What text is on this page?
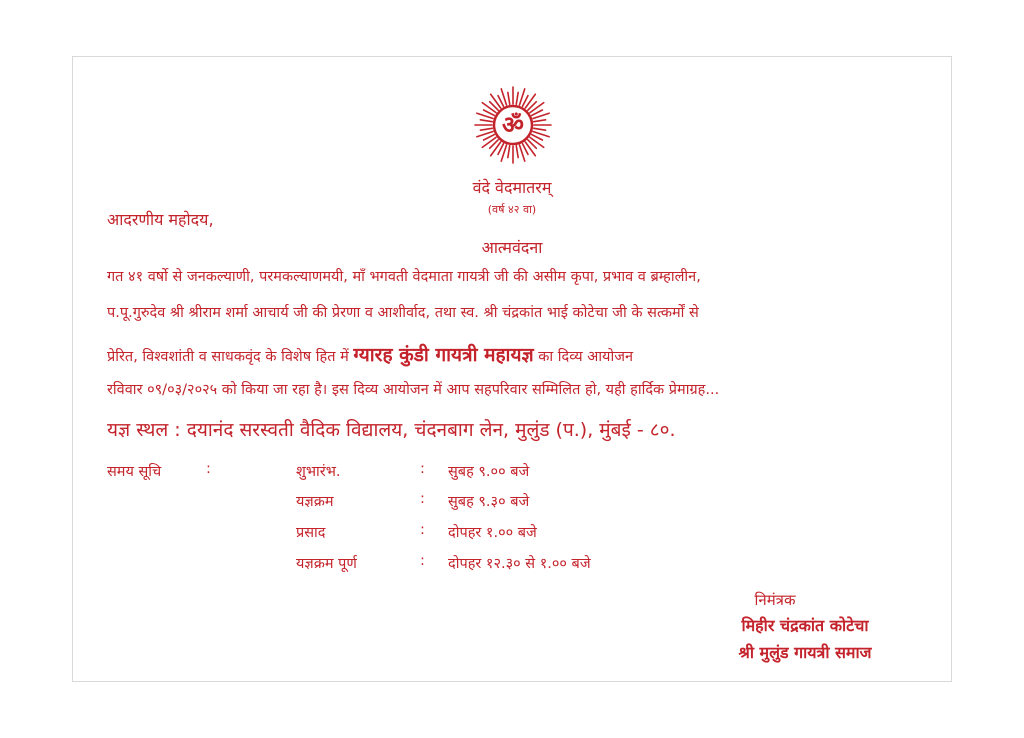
ॐ
वंदे वेदमातरम्
(वर्ष ४२ वा)
आदरणीय महोदय,
आत्मवंदना
गत ४१ वर्षो से जनकल्याणी, परमकल्याणमयी, माँ भगवती वेदमाता गायत्री जी की असीम कृपा, प्रभाव व ब्रम्हालीन,
प.पू.गुरुदेव श्री श्रीराम शर्मा आचार्य जी की प्रेरणा व आशीर्वाद, तथा स्व. श्री चंद्रकांत भाई कोटेचा जी के सत्कर्मों से
प्रेरित, विश्वशांती व साधकवृंद के विशेष हित में ग्यारह कुंडी गायत्री महायज्ञ का दिव्य आयोजन
रविवार ०९/०३/२०२५ को किया जा रहा है। इस दिव्य आयोजन में आप सहपरिवार सम्मिलित हो, यही हार्दिक प्रेमाग्रह...
यज्ञ स्थल : दयानंद सरस्वती वैदिक विद्यालय, चंदनबाग लेन, मुलुंड (प.), मुंबई - ८०.
समय सूचि	:	शुभारंभ.	: सुबह ९.०० बजे
यज्ञक्रम	: सुबह ९.३० बजे
प्रसाद	: दोपहर १.०० बजे
यज्ञक्रम पूर्ण	: दोपहर १२.३० से १.०० बजे
निमंत्रक
मिहीर चंद्रकांत कोटेचा
श्री मुलुंड गायत्री समाज
